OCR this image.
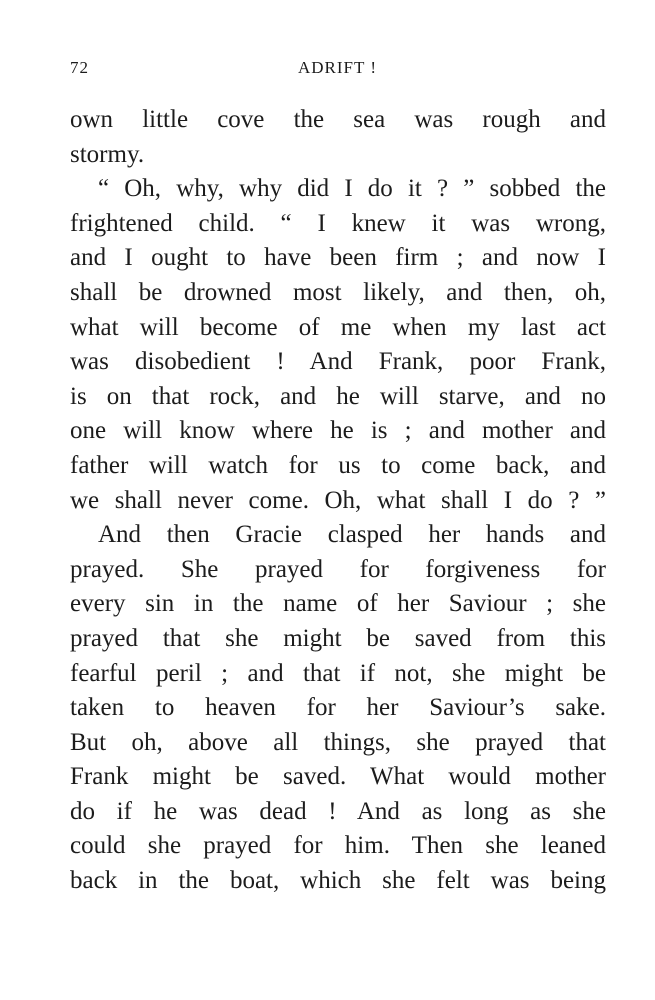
72	ADRIFT !
own little cove the sea was rough and
stormy.
“ Oh, why, why did I do it ? ” sobbed the
frightened child. “ I knew it was wrong,
and I ought to have been firm ; and now I
shall be drowned most likely, and then, oh,
what will become of me when my last act
was disobedient ! And Frank, poor Frank,
is on that rock, and he will starve, and no
one will know where he is ; and mother and
father will watch for us to come back, and
we shall never come. Oh, what shall I do ? ”
And then Gracie clasped her hands and
prayed. She prayed for forgiveness for
every sin in the name of her Saviour ; she
prayed that she might be saved from this
fearful peril ; and that if not, she might be
taken to heaven for her Saviour’s sake.
But oh, above all things, she prayed that
Frank might be saved. What would mother
do if he was dead ! And as long as she
could she prayed for him. Then she leaned
back in the boat, which she felt was being
